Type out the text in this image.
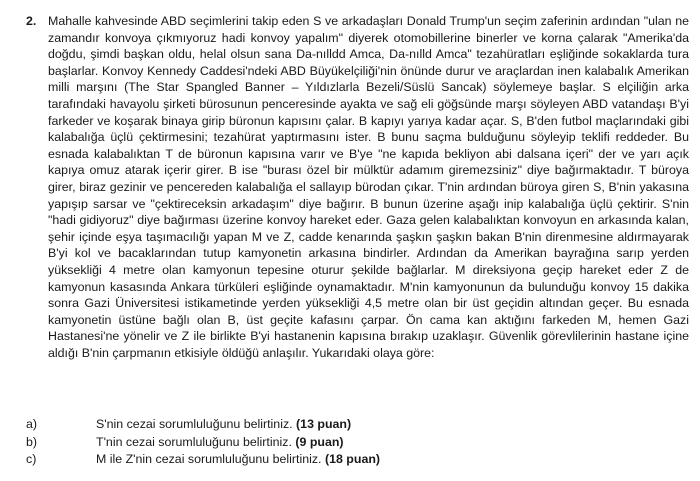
2. Mahalle kahvesinde ABD seçimlerini takip eden S ve arkadaşları Donald Trump'un seçim zaferinin ardından "ulan ne zamandır konvoya çıkmıyoruz hadi konvoy yapalım" diyerek otomobillerine binerler ve korna çalarak "Amerika'da doğdu, şimdi başkan oldu, helal olsun sana Da-nılldd Amca, Da-nılld Amca" tezahüratları eşliğinde sokaklarda tura başlarlar. Konvoy Kennedy Caddesi'ndeki ABD Büyükelçiliği'nin önünde durur ve araçlardan inen kalabalık Amerikan milli marşını (The Star Spangled Banner – Yıldızlarla Bezeli/Süslü Sancak) söylemeye başlar. S elçiliğin arka tarafındaki havayolu şirketi bürosunun penceresinde ayakta ve sağ eli göğsünde marşı söyleyen ABD vatandaşı B'yi farkeder ve koşarak binaya girip büronun kapısını çalar. B kapıyı yarıya kadar açar. S, B'den futbol maçlarındaki gibi kalabalığa üçlü çektirmesini; tezahürat yaptırmasını ister. B bunu saçma bulduğunu söyleyip teklifi reddeder. Bu esnada kalabalıktan T de büronun kapısına varır ve B'ye "ne kapıda bekliyon abi dalsana içeri" der ve yarı açık kapıya omuz atarak içerir girer. B ise "burası özel bir mülktür adamım giremezsiniz" diye bağırmaktadır. T büroya girer, biraz gezinir ve pencereden kalabalığa el sallayıp bürodan çıkar. T'nin ardından büroya giren S, B'nin yakasına yapışıp sarsar ve "çektireceksin arkadaşım" diye bağırır. B bunun üzerine aşağı inip kalabalığa üçlü çektirir. S'nin "hadi gidiyoruz" diye bağırması üzerine konvoy hareket eder. Gaza gelen kalabalıktan konvoyun en arkasında kalan, şehir içinde eşya taşımacılığı yapan M ve Z, cadde kenarında şaşkın şaşkın bakan B'nin direnmesine aldırmayarak B'yi kol ve bacaklarından tutup kamyonetin arkasına bindirler. Ardından da Amerikan bayrağına sarıp yerden yüksekliği 4 metre olan kamyonun tepesine oturur şekilde bağlarlar. M direksiyona geçip hareket eder Z de kamyonun kasasında Ankara türküleri eşliğinde oynamaktadır. M'nin kamyonunun da bulunduğu konvoy 15 dakika sonra Gazi Üniversitesi istikametinde yerden yüksekliği 4,5 metre olan bir üst geçidin altından geçer. Bu esnada kamyonetin üstüne bağlı olan B, üst geçite kafasını çarpar. Ön cama kan aktığını farkeden M, hemen Gazi Hastanesi'ne yönelir ve Z ile birlikte B'yi hastanenin kapısına bırakıp uzaklaşır. Güvenlik görevlilerinin hastane içine aldığı B'nin çarpmanın etkisiyle öldüğü anlaşılır. Yukarıdaki olaya göre:

a)	S'nin cezai sorumluluğunu belirtiniz. (13 puan)
b)	T'nin cezai sorumluluğunu belirtiniz. (9 puan)
c)	M ile Z'nin cezai sorumluluğunu belirtiniz. (18 puan)
